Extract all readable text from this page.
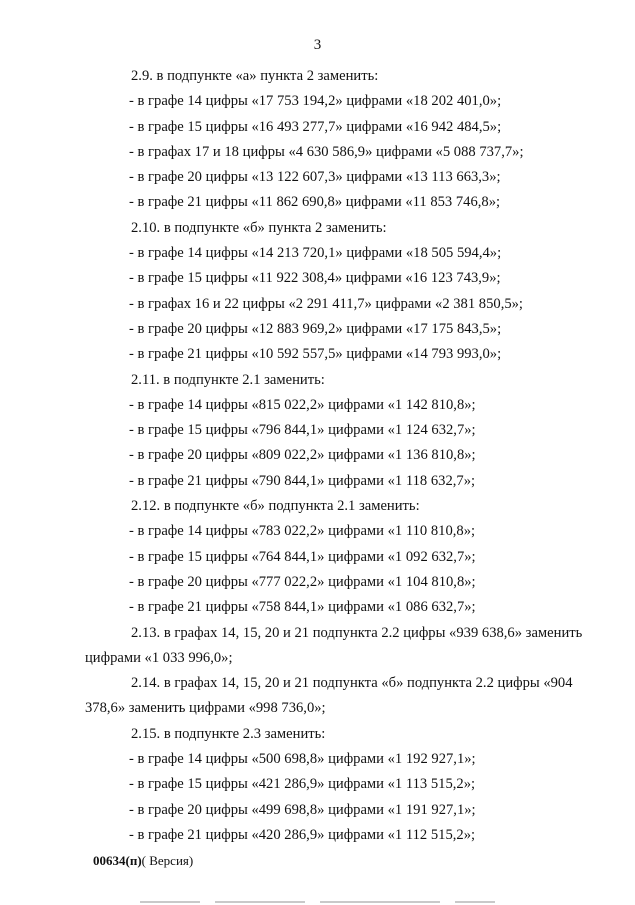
3
2.9. в подпункте «а» пункта 2 заменить:
- в графе 14 цифры «17 753 194,2» цифрами «18 202 401,0»;
- в графе 15 цифры «16 493 277,7» цифрами «16 942 484,5»;
- в графах 17 и 18 цифры «4 630 586,9» цифрами «5 088 737,7»;
- в графе 20 цифры «13 122 607,3» цифрами «13 113 663,3»;
- в графе 21 цифры «11 862 690,8» цифрами «11 853 746,8»;
2.10. в подпункте «б» пункта 2 заменить:
- в графе 14 цифры «14 213 720,1» цифрами «18 505 594,4»;
- в графе 15 цифры «11 922 308,4» цифрами «16 123 743,9»;
- в графах 16 и 22 цифры «2 291 411,7» цифрами «2 381 850,5»;
- в графе 20 цифры «12 883 969,2» цифрами «17 175 843,5»;
- в графе 21 цифры «10 592 557,5» цифрами «14 793 993,0»;
2.11. в подпункте 2.1 заменить:
- в графе 14 цифры «815 022,2» цифрами «1 142 810,8»;
- в графе 15 цифры «796 844,1» цифрами «1 124 632,7»;
- в графе 20 цифры «809 022,2» цифрами «1 136 810,8»;
- в графе 21 цифры «790 844,1» цифрами «1 118 632,7»;
2.12. в подпункте «б» подпункта 2.1 заменить:
- в графе 14 цифры «783 022,2» цифрами «1 110 810,8»;
- в графе 15 цифры «764 844,1» цифрами «1 092 632,7»;
- в графе 20 цифры «777 022,2» цифрами «1 104 810,8»;
- в графе 21 цифры «758 844,1» цифрами «1 086 632,7»;
2.13. в графах 14, 15, 20 и 21 подпункта 2.2 цифры «939 638,6» заменить
цифрами «1 033 996,0»;
2.14. в графах 14, 15, 20 и 21 подпункта «б» подпункта 2.2 цифры «904
378,6» заменить цифрами «998 736,0»;
2.15. в подпункте 2.3 заменить:
- в графе 14 цифры «500 698,8» цифрами «1 192 927,1»;
- в графе 15 цифры «421 286,9» цифрами «1 113 515,2»;
- в графе 20 цифры «499 698,8» цифрами «1 191 927,1»;
- в графе 21 цифры «420 286,9» цифрами «1 112 515,2»;
00634(п)( Версия)
